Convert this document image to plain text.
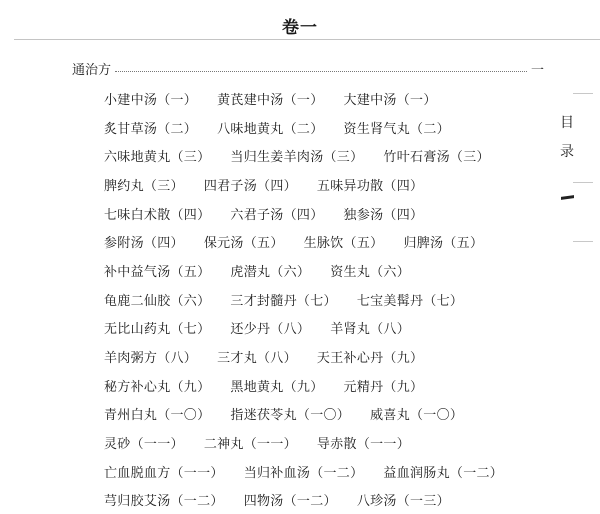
卷一
通治方	一
小建中汤（一） 黄芪建中汤（一） 大建中汤（一）
炙甘草汤（二） 八味地黄丸（二） 资生肾气丸（二）
六味地黄丸（三） 当归生姜羊肉汤（三） 竹叶石膏汤（三）
脾约丸（三） 四君子汤（四） 五味异功散（四）
七味白术散（四） 六君子汤（四） 独参汤（四）
参附汤（四） 保元汤（五） 生脉饮（五） 归脾汤（五）
补中益气汤（五） 虎潜丸（六） 资生丸（六）
龟鹿二仙胶（六） 三才封髓丹（七） 七宝美髯丹（七）
无比山药丸（七） 还少丹（八） 羊肾丸（八）
羊肉粥方（八） 三才丸（八） 天王补心丹（九）
秘方补心丸（九） 黑地黄丸（九） 元精丹（九）
青州白丸（一〇） 指迷茯苓丸（一〇） 威喜丸（一〇）
灵砂（一一） 二神丸（一一） 导赤散（一一）
亡血脱血方（一一） 当归补血汤（一二） 益血润肠丸（一二）
芎归胶艾汤（一二） 四物汤（一二） 八珍汤（一三）
目
录
